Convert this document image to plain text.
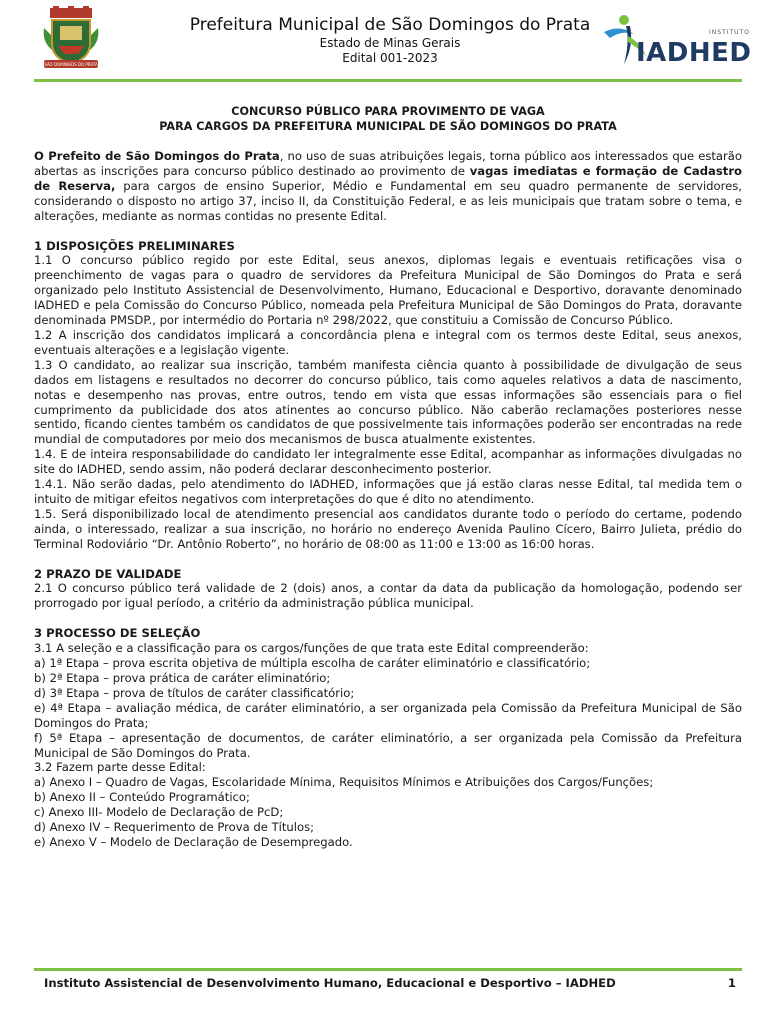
SÃO DOMINGOS DO PRATA
Prefeitura Municipal de São Domingos do Prata
Estado de Minas Gerais
Edital 001-2023
INSTITUTO
IADHED
CONCURSO PÚBLICO PARA PROVIMENTO DE VAGA
PARA CARGOS DA PREFEITURA MUNICIPAL DE SÃO DOMINGOS DO PRATA

O Prefeito de São Domingos do Prata, no uso de suas atribuições legais, torna público aos interessados que estarão abertas as inscrições para concurso público destinado ao provimento de vagas imediatas e formação de Cadastro de Reserva, para cargos de ensino Superior, Médio e Fundamental em seu quadro permanente de servidores, considerando o disposto no artigo 37, inciso II, da Constituição Federal, e as leis municipais que tratam sobre o tema, e alterações, mediante as normas contidas no presente Edital.

1 DISPOSIÇÕES PRELIMINARES

1.1 O concurso público regido por este Edital, seus anexos, diplomas legais e eventuais retificações visa o preenchimento de vagas para o quadro de servidores da Prefeitura Municipal de São Domingos do Prata e será organizado pelo Instituto Assistencial de Desenvolvimento, Humano, Educacional e Desportivo, doravante denominado IADHED e pela Comissão do Concurso Público, nomeada pela Prefeitura Municipal de São Domingos do Prata, doravante denominada PMSDP., por intermédio do Portaria nº 298/2022, que constituiu a Comissão de Concurso Público.

1.2 A inscrição dos candidatos implicará a concordância plena e integral com os termos deste Edital, seus anexos, eventuais alterações e a legislação vigente.

1.3 O candidato, ao realizar sua inscrição, também manifesta ciência quanto à possibilidade de divulgação de seus dados em listagens e resultados no decorrer do concurso público, tais como aqueles relativos a data de nascimento, notas e desempenho nas provas, entre outros, tendo em vista que essas informações são essenciais para o fiel cumprimento da publicidade dos atos atinentes ao concurso público. Não caberão reclamações posteriores nesse sentido, ficando cientes também os candidatos de que possivelmente tais informações poderão ser encontradas na rede mundial de computadores por meio dos mecanismos de busca atualmente existentes.

1.4. E de inteira responsabilidade do candidato ler integralmente esse Edital, acompanhar as informações divulgadas no site do IADHED, sendo assim, não poderá declarar desconhecimento posterior.

1.4.1. Não serão dadas, pelo atendimento do IADHED, informações que já estão claras nesse Edital, tal medida tem o intuito de mitigar efeitos negativos com interpretações do que é dito no atendimento.

1.5. Será disponibilizado local de atendimento presencial aos candidatos durante todo o período do certame, podendo ainda, o interessado, realizar a sua inscrição, no horário no endereço Avenida Paulino Cícero, Bairro Julieta, prédio do Terminal Rodoviário “Dr. Antônio Roberto”, no horário de 08:00 as 11:00 e 13:00 as 16:00 horas.

2 PRAZO DE VALIDADE

2.1 O concurso público terá validade de 2 (dois) anos, a contar da data da publicação da homologação, podendo ser prorrogado por igual período, a critério da administração pública municipal.

3 PROCESSO DE SELEÇÃO

3.1 A seleção e a classificação para os cargos/funções de que trata este Edital compreenderão:

a) 1ª Etapa – prova escrita objetiva de múltipla escolha de caráter eliminatório e classificatório;

b) 2ª Etapa – prova prática de caráter eliminatório;

d) 3ª Etapa – prova de títulos de caráter classificatório;

e) 4ª Etapa – avaliação médica, de caráter eliminatório, a ser organizada pela Comissão da Prefeitura Municipal de São Domingos do Prata;

f) 5ª Etapa – apresentação de documentos, de caráter eliminatório, a ser organizada pela Comissão da Prefeitura Municipal de São Domingos do Prata.

3.2 Fazem parte desse Edital:

a) Anexo I – Quadro de Vagas, Escolaridade Mínima, Requisitos Mínimos e Atribuições dos Cargos/Funções;

b) Anexo II – Conteúdo Programático;

c) Anexo III- Modelo de Declaração de PcD;

d) Anexo IV – Requerimento de Prova de Títulos;

e) Anexo V – Modelo de Declaração de Desempregado.

Instituto Assistencial de Desenvolvimento Humano, Educacional e Desportivo – IADHED	1
